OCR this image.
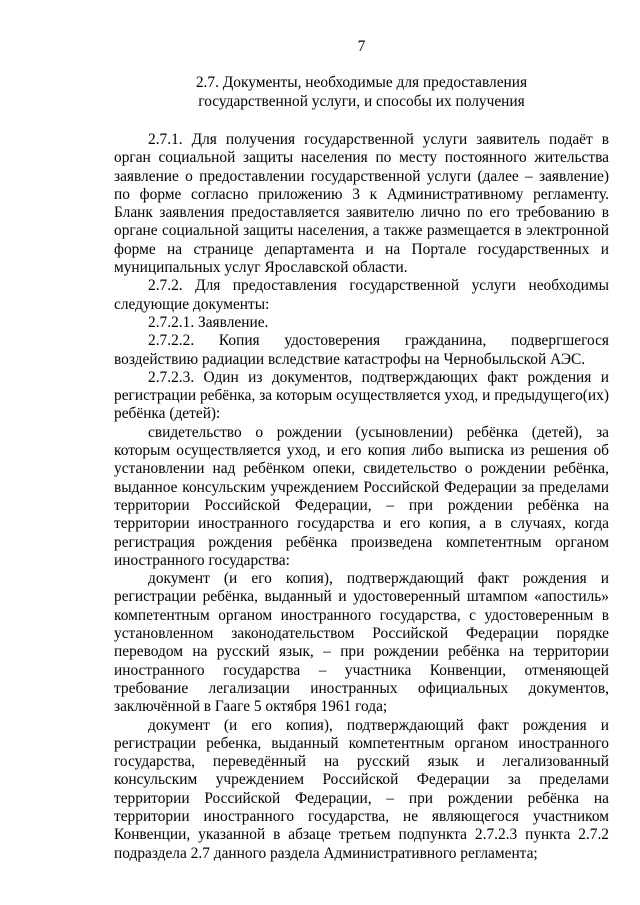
7
2.7. Документы, необходимые для предоставления
государственной услуги, и способы их получения

2.7.1. Для получения государственной услуги заявитель подаёт в орган социальной защиты населения по месту постоянного жительства заявление о предоставлении государственной услуги (далее – заявление) по форме согласно приложению 3 к Административному регламенту. Бланк заявления предоставляется заявителю лично по его требованию в органе социальной защиты населения, а также размещается в электронной форме на странице департамента и на Портале государственных и муниципальных услуг Ярославской области.

2.7.2. Для предоставления государственной услуги необходимы следующие документы:

2.7.2.1. Заявление.

2.7.2.2. Копия удостоверения гражданина, подвергшегося воздействию радиации вследствие катастрофы на Чернобыльской АЭС.

2.7.2.3. Один из документов, подтверждающих факт рождения и регистрации ребёнка, за которым осуществляется уход, и предыдущего(их) ребёнка (детей):

свидетельство о рождении (усыновлении) ребёнка (детей), за которым осуществляется уход, и его копия либо выписка из решения об установлении над ребёнком опеки, свидетельство о рождении ребёнка, выданное консульским учреждением Российской Федерации за пределами территории Российской Федерации, – при рождении ребёнка на территории иностранного государства и его копия, а в случаях, когда регистрация рождения ребёнка произведена компетентным органом иностранного государства:

документ (и его копия), подтверждающий факт рождения и регистрации ребёнка, выданный и удостоверенный штампом «апостиль» компетентным органом иностранного государства, с удостоверенным в установленном законодательством Российской Федерации порядке переводом на русский язык, – при рождении ребёнка на территории иностранного государства – участника Конвенции, отменяющей требование легализации иностранных официальных документов, заключённой в Гааге 5 октября 1961 года;

документ (и его копия), подтверждающий факт рождения и регистрации ребенка, выданный компетентным органом иностранного государства, переведённый на русский язык и легализованный консульским учреждением Российской Федерации за пределами территории Российской Федерации, – при рождении ребёнка на территории иностранного государства, не являющегося участником Конвенции, указанной в абзаце третьем подпункта 2.7.2.3 пункта 2.7.2 подраздела 2.7 данного раздела Административного регламента;
